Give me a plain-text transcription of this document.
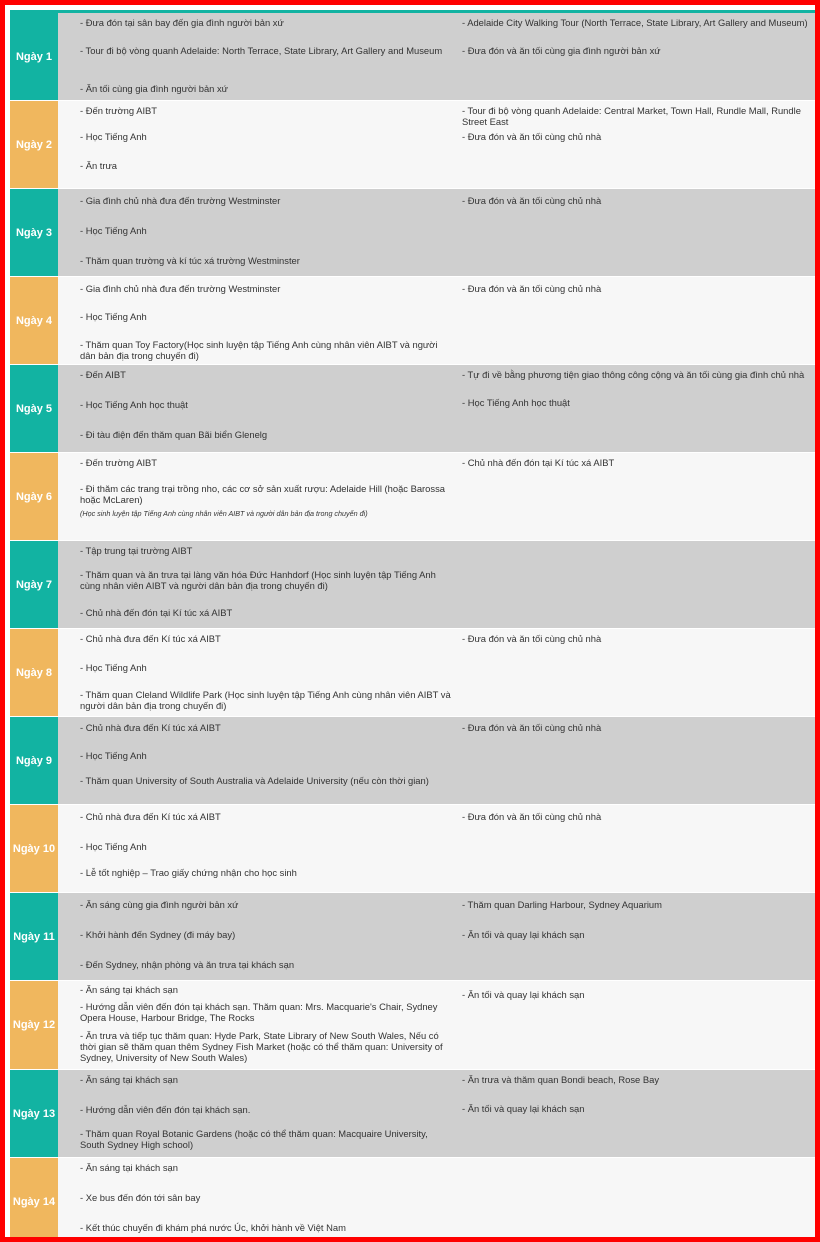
Ngày 1
- Đưa đón tại sân bay đến gia đình người bản xứ
- Tour đi bộ vòng quanh Adelaide: North Terrace, State Library, Art Gallery and Museum
- Ăn tối cùng gia đình người bản xứ
- Adelaide City Walking Tour (North Terrace, State Library, Art Gallery and Museum)
- Đưa đón và ăn tối cùng gia đình người bản xứ
Ngày 2
- Đến trường AIBT
- Học Tiếng Anh
- Ăn trưa
- Tour đi bộ vòng quanh Adelaide: Central Market, Town Hall, Rundle Mall, Rundle Street East
- Đưa đón và ăn tối cùng chủ nhà
Ngày 3
- Gia đình chủ nhà đưa đến trường Westminster
- Học Tiếng Anh
- Thăm quan trường và kí túc xá trường Westminster
- Đưa đón và ăn tối cùng chủ nhà
Ngày 4
- Gia đình chủ nhà đưa đến trường Westminster
- Học Tiếng Anh
- Thăm quan Toy Factory(Học sinh luyện tập Tiếng Anh cùng nhân viên AIBT và người dân bản địa trong chuyến đi)
- Đưa đón và ăn tối cùng chủ nhà
Ngày 5
- Đến AIBT
- Học Tiếng Anh học thuật
- Đi tàu điện đến thăm quan Bãi biển Glenelg
- Tự đi về bằng phương tiện giao thông công cộng và ăn tối cùng gia đình chủ nhà
- Học Tiếng Anh học thuật
Ngày 6
- Đến trường AIBT
- Đi thăm các trang trại trồng nho, các cơ sở sản xuất rượu: Adelaide Hill (hoặc Barossa hoặc McLaren)
(Học sinh luyện tập Tiếng Anh cùng nhân viên AIBT và người dân bản địa trong chuyến đi)
- Chủ nhà đến đón tại Kí túc xá AIBT
Ngày 7
- Tập trung tại trường AIBT
- Thăm quan và ăn trưa tại làng văn hóa Đức Hanhdorf (Học sinh luyện tập Tiếng Anh cùng nhân viên AIBT và người dân bản địa trong chuyến đi)
- Chủ nhà đến đón tại Kí túc xá AIBT
Ngày 8
- Chủ nhà đưa đến Kí túc xá AIBT
- Học Tiếng Anh
- Thăm quan Cleland Wildlife Park (Học sinh luyện tập Tiếng Anh cùng nhân viên AIBT và người dân bản địa trong chuyến đi)
- Đưa đón và ăn tối cùng chủ nhà
Ngày 9
- Chủ nhà đưa đến Kí túc xá AIBT
- Học Tiếng Anh
- Thăm quan University of South Australia và Adelaide University (nếu còn thời gian)
- Đưa đón và ăn tối cùng chủ nhà
Ngày 10
- Chủ nhà đưa đến Kí túc xá AIBT
- Học Tiếng Anh
- Lễ tốt nghiệp – Trao giấy chứng nhận cho học sinh
- Đưa đón và ăn tối cùng chủ nhà
Ngày 11
- Ăn sáng cùng gia đình người bản xứ
- Khởi hành đến Sydney (đi máy bay)
- Đến Sydney, nhận phòng và ăn trưa tại khách sạn
- Thăm quan Darling Harbour, Sydney Aquarium
- Ăn tối và quay lại khách sạn
Ngày 12
- Ăn sáng tại khách sạn
- Hướng dẫn viên đến đón tại khách sạn. Thăm quan: Mrs. Macquarie's Chair, Sydney Opera House, Harbour Bridge, The Rocks
- Ăn trưa và tiếp tục thăm quan: Hyde Park, State Library of New South Wales, Nếu có thời gian sẽ thăm quan thêm Sydney Fish Market (hoặc có thể thăm quan: University of Sydney, University of New South Wales)
- Ăn tối và quay lại khách sạn
Ngày 13
- Ăn sáng tại khách sạn
- Hướng dẫn viên đến đón tại khách sạn.
- Thăm quan Royal Botanic Gardens (hoặc có thể thăm quan: Macquaire University, South Sydney High school)
- Ăn trưa và thăm quan Bondi beach, Rose Bay
- Ăn tối và quay lại khách sạn
Ngày 14
- Ăn sáng tại khách sạn
- Xe bus đến đón tới sân bay
- Kết thúc chuyến đi khám phá nước Úc, khởi hành về Việt Nam
